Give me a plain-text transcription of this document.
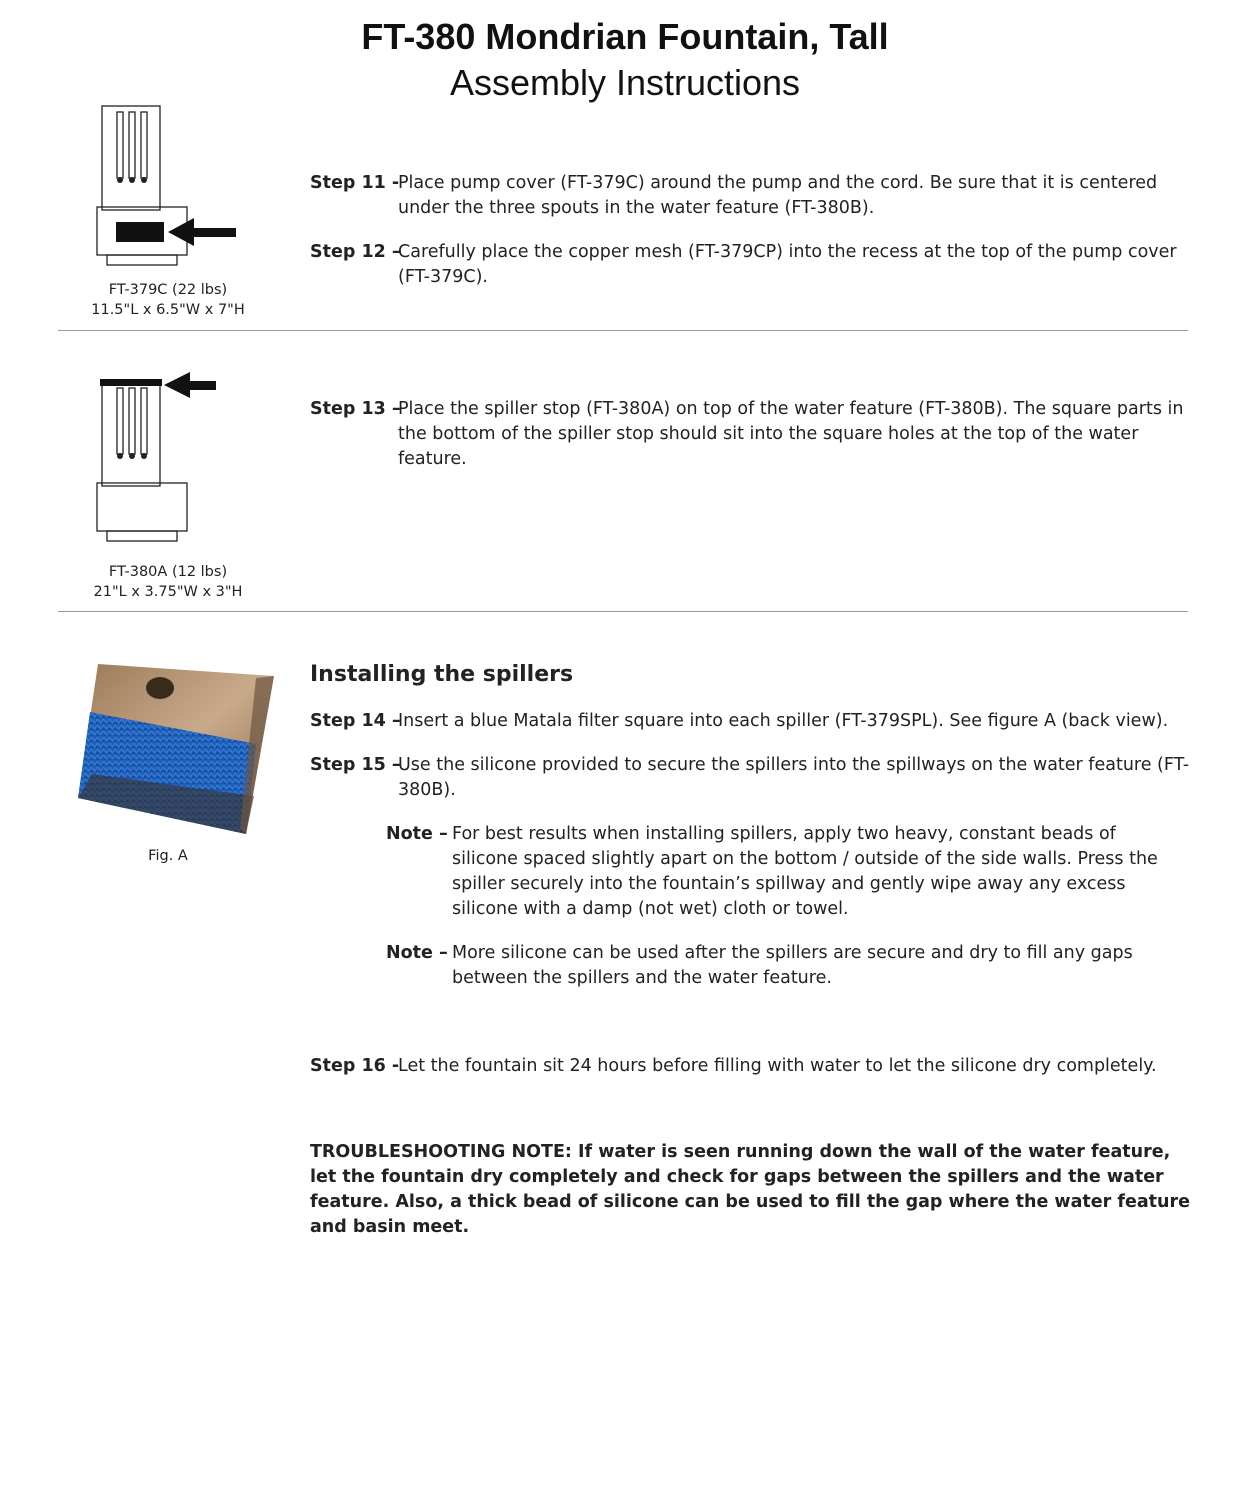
FT-380 Mondrian Fountain, Tall
Assembly Instructions
FT-379C (22 lbs)
11.5"L x 6.5"W x 7"H
FT-380A (12 lbs)
21"L x 3.75"W x 3"H
Fig. A
Step 11 -
Place pump cover (FT-379C) around the pump and the cord. Be sure that it is centered under the three spouts in the water feature (FT-380B).
Step 12 –
Carefully place the copper mesh (FT-379CP) into the recess at the top of the pump cover (FT-379C).
Step 13 –
Place the spiller stop (FT-380A) on top of the water feature (FT-380B). The square parts in the bottom of the spiller stop should sit into the square holes at the top of the water feature.
Installing the spillers
Step 14 –
Insert a blue Matala filter square into each spiller (FT-379SPL). See figure A (back view).
Step 15 –
Use the silicone provided to secure the spillers into the spillways on the water feature (FT-380B).
Note – For best results when installing spillers, apply two heavy, constant beads of silicone spaced slightly apart on the bottom / outside of the side walls. Press the spiller securely into the fountain’s spillway and gently wipe away any excess silicone with a damp (not wet) cloth or towel.
Note – More silicone can be used after the spillers are secure and dry to fill any gaps between the spillers and the water feature.
Step 16 -
Let the fountain sit 24 hours before filling with water to let the silicone dry completely.
TROUBLESHOOTING NOTE: If water is seen running down the wall of the water feature, let the fountain dry completely and check for gaps between the spillers and the water feature. Also, a thick bead of silicone can be used to fill the gap where the water feature and basin meet.
